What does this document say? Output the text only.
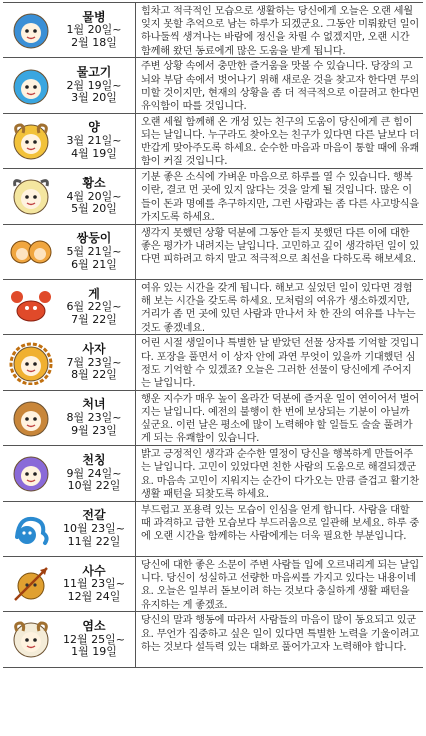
물병
1월 20일~
2월 18일
힘차고 적극적인 모습으로 생활하는 당신에게 오늘은 오랜 세월 잊지 못할 추억으로 남는 하루가 되겠군요. 그동안 미뤄왔던 일이 하나둘씩 생겨나는 바람에 정신을 차릴 수 없겠지만, 오랜 시간 함께해 왔던 동료에게 많은 도움을 받게 됩니다.
물고기
2월 19일~
3월 20일
주변 상황 속에서 충만한 즐거움을 맛볼 수 있습니다. 당장의 고뇌와 부담 속에서 벗어나기 위해 새로운 것을 찾고자 한다면 무의미할 것이지만, 현재의 상황을 좀 더 적극적으로 이끌려고 한다면 유익함이 따를 것입니다.
양
3월 21일~
4월 19일
오랜 세월 함께해 온 개성 있는 친구의 도움이 당신에게 큰 힘이 되는 날입니다. 누구라도 찾아오는 친구가 있다면 다른 날보다 더 반갑게 맞아주도록 하세요. 순수한 마음과 마음이 통할 때에 유쾌함이 커질 것입니다.
황소
4월 20일~
5월 20일
기분 좋은 소식에 가벼운 마음으로 하루를 열 수 있습니다. 행복이란, 결코 먼 곳에 있지 않다는 것을 알게 될 것입니다. 많은 이들이 돈과 명예를 추구하지만, 그런 사람과는 좀 다른 사고방식을 가지도록 하세요.
쌍둥이
5월 21일~
6월 21일
생각지 못했던 상황 덕분에 그동안 듣지 못했던 다른 이에 대한 좋은 평가가 내려지는 날입니다. 고민하고 깊이 생각하던 일이 있다면 피하려고 하지 말고 적극적으로 최선을 다하도록 해보세요.
게
6월 22일~
7월 22일
여유 있는 시간을 갖게 됩니다. 해보고 싶었던 일이 있다면 경험해 보는 시간을 갖도록 하세요. 모처럼의 여유가 생소하겠지만, 거리가 좀 먼 곳에 있던 사람과 만나서 차 한 잔의 여유를 나누는 것도 좋겠네요.
사자
7월 23일~
8월 22일
어린 시절 생일이나 특별한 날 받았던 선물 상자를 기억할 것입니다. 포장을 풀면서 이 상자 안에 과연 무엇이 있을까 기대했던 심정도 기억할 수 있겠죠? 오늘은 그러한 선물이 당신에게 주어지는 날입니다.
처녀
8월 23일~
9월 23일
행운 지수가 매우 높이 올라간 덕분에 즐거운 일이 연이어서 벌어지는 날입니다. 예전의 불행이 한 번에 보상되는 기분이 아닐까 싶군요. 이런 날은 평소에 많이 노력해야 할 일들도 술술 풀려가게 되는 유쾌함이 있습니다.
천칭
9월 24일~
10월 22일
밝고 긍정적인 생각과 순수한 열정이 당신을 행복하게 만들어주는 날입니다. 고민이 있었다면 친한 사람의 도움으로 해결되겠군요. 마음속 고민이 지워지는 순간이 다가오는 만큼 즐겁고 활기찬 생활 패턴을 되찾도록 하세요.
전갈
10월 23일~
11월 22일
부드럽고 포용력 있는 모습이 인심을 얻게 합니다. 사람을 대할 때 과격하고 급한 모습보다 부드러움으로 일관해 보세요. 하루 중에 오랜 시간을 함께하는 사람에게는 더욱 필요한 부분입니다.
사수
11월 23일~
12월 24일
당신에 대한 좋은 소문이 주변 사람들 입에 오르내리게 되는 날입니다. 당신이 성실하고 선량한 마음씨를 가지고 있다는 내용이네요. 오늘은 일부러 돋보이려 하는 것보다 충실하게 생활 패턴을 유지하는 게 좋겠죠.
염소
12월 25일~
1월 19일
당신의 말과 행동에 따라서 사람들의 마음이 많이 동요되고 있군요. 무언가 집중하고 싶은 일이 있다면 특별한 노력을 기울이려고 하는 것보다 설득력 있는 대화로 풀어가고자 노력해야 합니다.
